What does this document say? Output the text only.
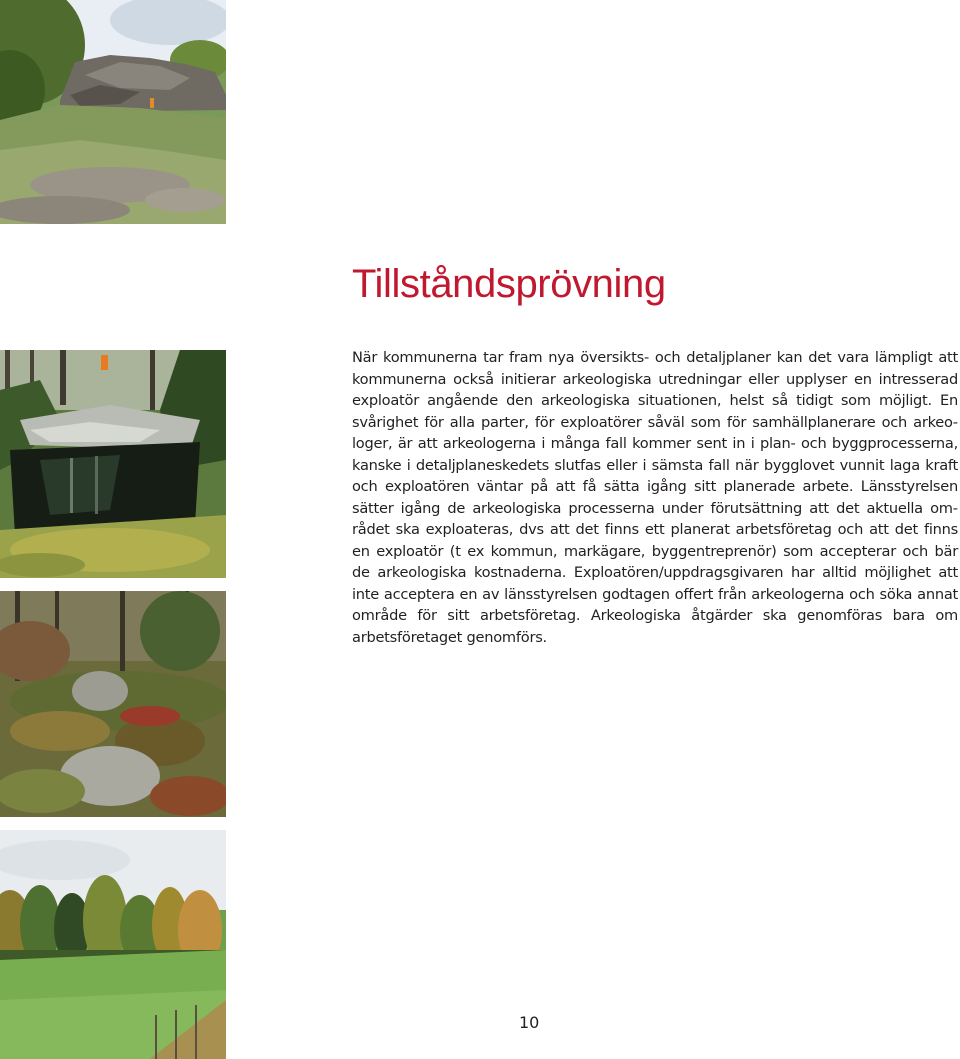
Tillståndsprövning

När kommunerna tar fram nya översikts- och detaljplaner kan det vara lämpligt att kommunerna också initierar arkeologiska utredningar eller upplyser en intresserad exploatör angående den arkeologiska situationen, helst så tidigt som möjligt. En svårighet för alla parter, för exploatörer såväl som för samhällplanerare och arkeologer, är att arkeologerna i många fall kommer sent in i plan- och byggprocesserna, kanske i detaljplaneskedets slutfas eller i sämsta fall när bygglovet vunnit laga kraft och exploatören väntar på att få sätta igång sitt planerade arbete. Länsstyrelsen sätter igång de arkeologiska processerna under förutsättning att det aktuella området ska exploateras, dvs att det finns ett planerat arbetsföretag och att det finns en exploatör (t ex kommun, markägare, byggentreprenör) som accepterar och bär de arkeologiska kostnaderna. Exploatören/uppdragsgivaren har alltid möjlighet att inte acceptera en av länsstyrelsen godtagen offert från arkeologerna och söka annat område för sitt arbetsföretag. Arkeologiska åtgärder ska genomföras bara om arbetsföretaget genomförs.

10
